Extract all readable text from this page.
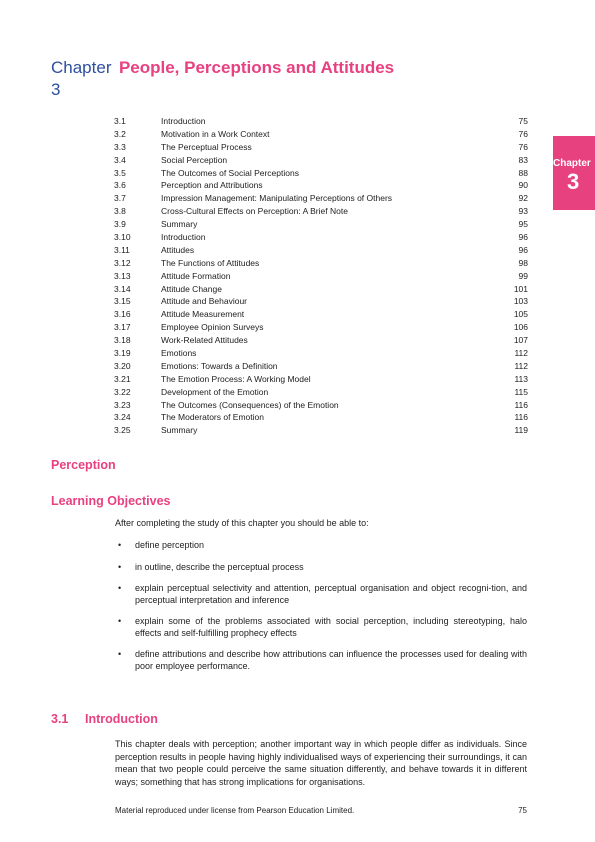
Chapter People, Perceptions and Attitudes
3
Chapter
3
3.1	Introduction	75
3.2	Motivation in a Work Context	76
3.3	The Perceptual Process	76
3.4	Social Perception	83
3.5	The Outcomes of Social Perceptions	88
3.6	Perception and Attributions	90
3.7	Impression Management: Manipulating Perceptions of Others	92
3.8	Cross-Cultural Effects on Perception: A Brief Note	93
3.9	Summary	95
3.10	Introduction	96
3.11	Attitudes	96
3.12	The Functions of Attitudes	98
3.13	Attitude Formation	99
3.14	Attitude Change	101
3.15	Attitude and Behaviour	103
3.16	Attitude Measurement	105
3.17	Employee Opinion Surveys	106
3.18	Work-Related Attitudes	107
3.19	Emotions	112
3.20	Emotions: Towards a Definition	112
3.21	The Emotion Process: A Working Model	113
3.22	Development of the Emotion	115
3.23	The Outcomes (Consequences) of the Emotion	116
3.24	The Moderators of Emotion	116
3.25	Summary	119
Perception
Learning Objectives
After completing the study of this chapter you should be able to:
• define perception
• in outline, describe the perceptual process
• explain perceptual selectivity and attention, perceptual organisation and object recogni-tion, and perceptual interpretation and inference
• explain some of the problems associated with social perception, including stereotyping, halo effects and self-fulfilling prophecy effects
• define attributions and describe how attributions can influence the processes used for dealing with poor employee performance.
3.1 Introduction

This chapter deals with perception; another important way in which people differ as individuals. Since perception results in people having highly individualised ways of experiencing their surroundings, it can mean that two people could perceive the same situation differently, and behave towards it in different ways; something that has strong implications for organisations.

Material reproduced under license from Pearson Education Limited.	75
